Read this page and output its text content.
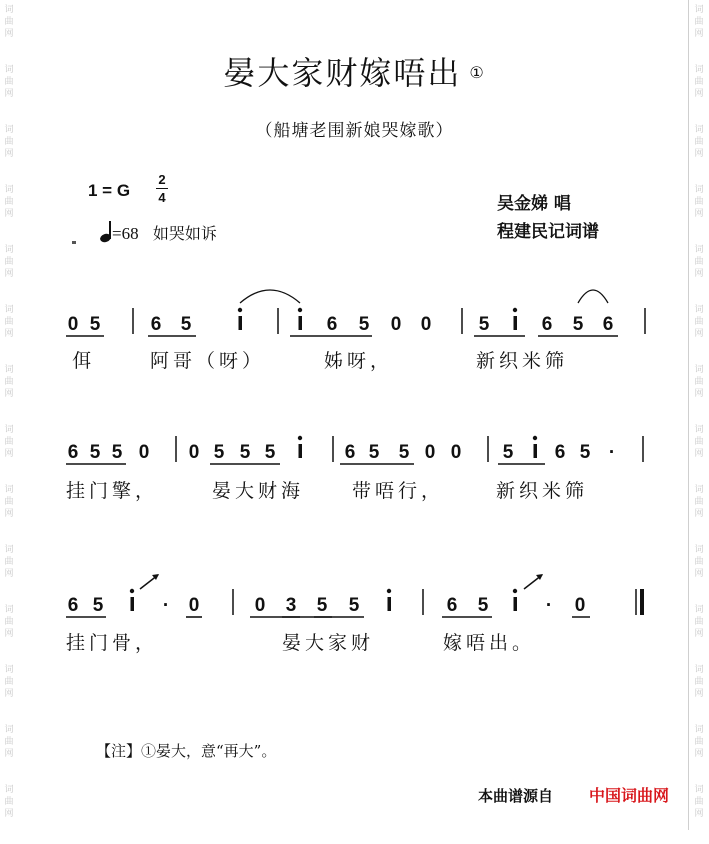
词
曲
网
词
曲
网
词
曲
网
词
曲
网
词
曲
网
词
曲
网
词
曲
网
词
曲
网
词
曲
网
词
曲
网
词
曲
网
词
曲
网
词
曲
网
词
曲
网
词
曲
网
词
曲
网
词
曲
网
词
曲
网
词
曲
网
词
曲
网
词
曲
网
词
曲
网
词
曲
网
词
曲
网
词
曲
网
词
曲
网
词
曲
网
词
曲
网
晏大家财嫁唔出 ①
（船塘老围新娘哭嫁歌）
1 = G
2
4
=68 如哭如诉
吴金娣 唱
程建民记词谱
0 5	6 5	6 5 0 0 5	6 5 6
6 5 5 0 0 5 5 5	6 5 5 0 0 5 6 5 ·
6 5	· 0	0 3 5 5	6 5	· 0
佴	阿哥（呀）	姊呀，	新织米筛
挂门擎，	晏大财海	带唔行，	新织米筛
挂门骨，	晏大家财	嫁唔出。
【注】①晏大，意“再大”。
本曲谱源自 中国词曲网
